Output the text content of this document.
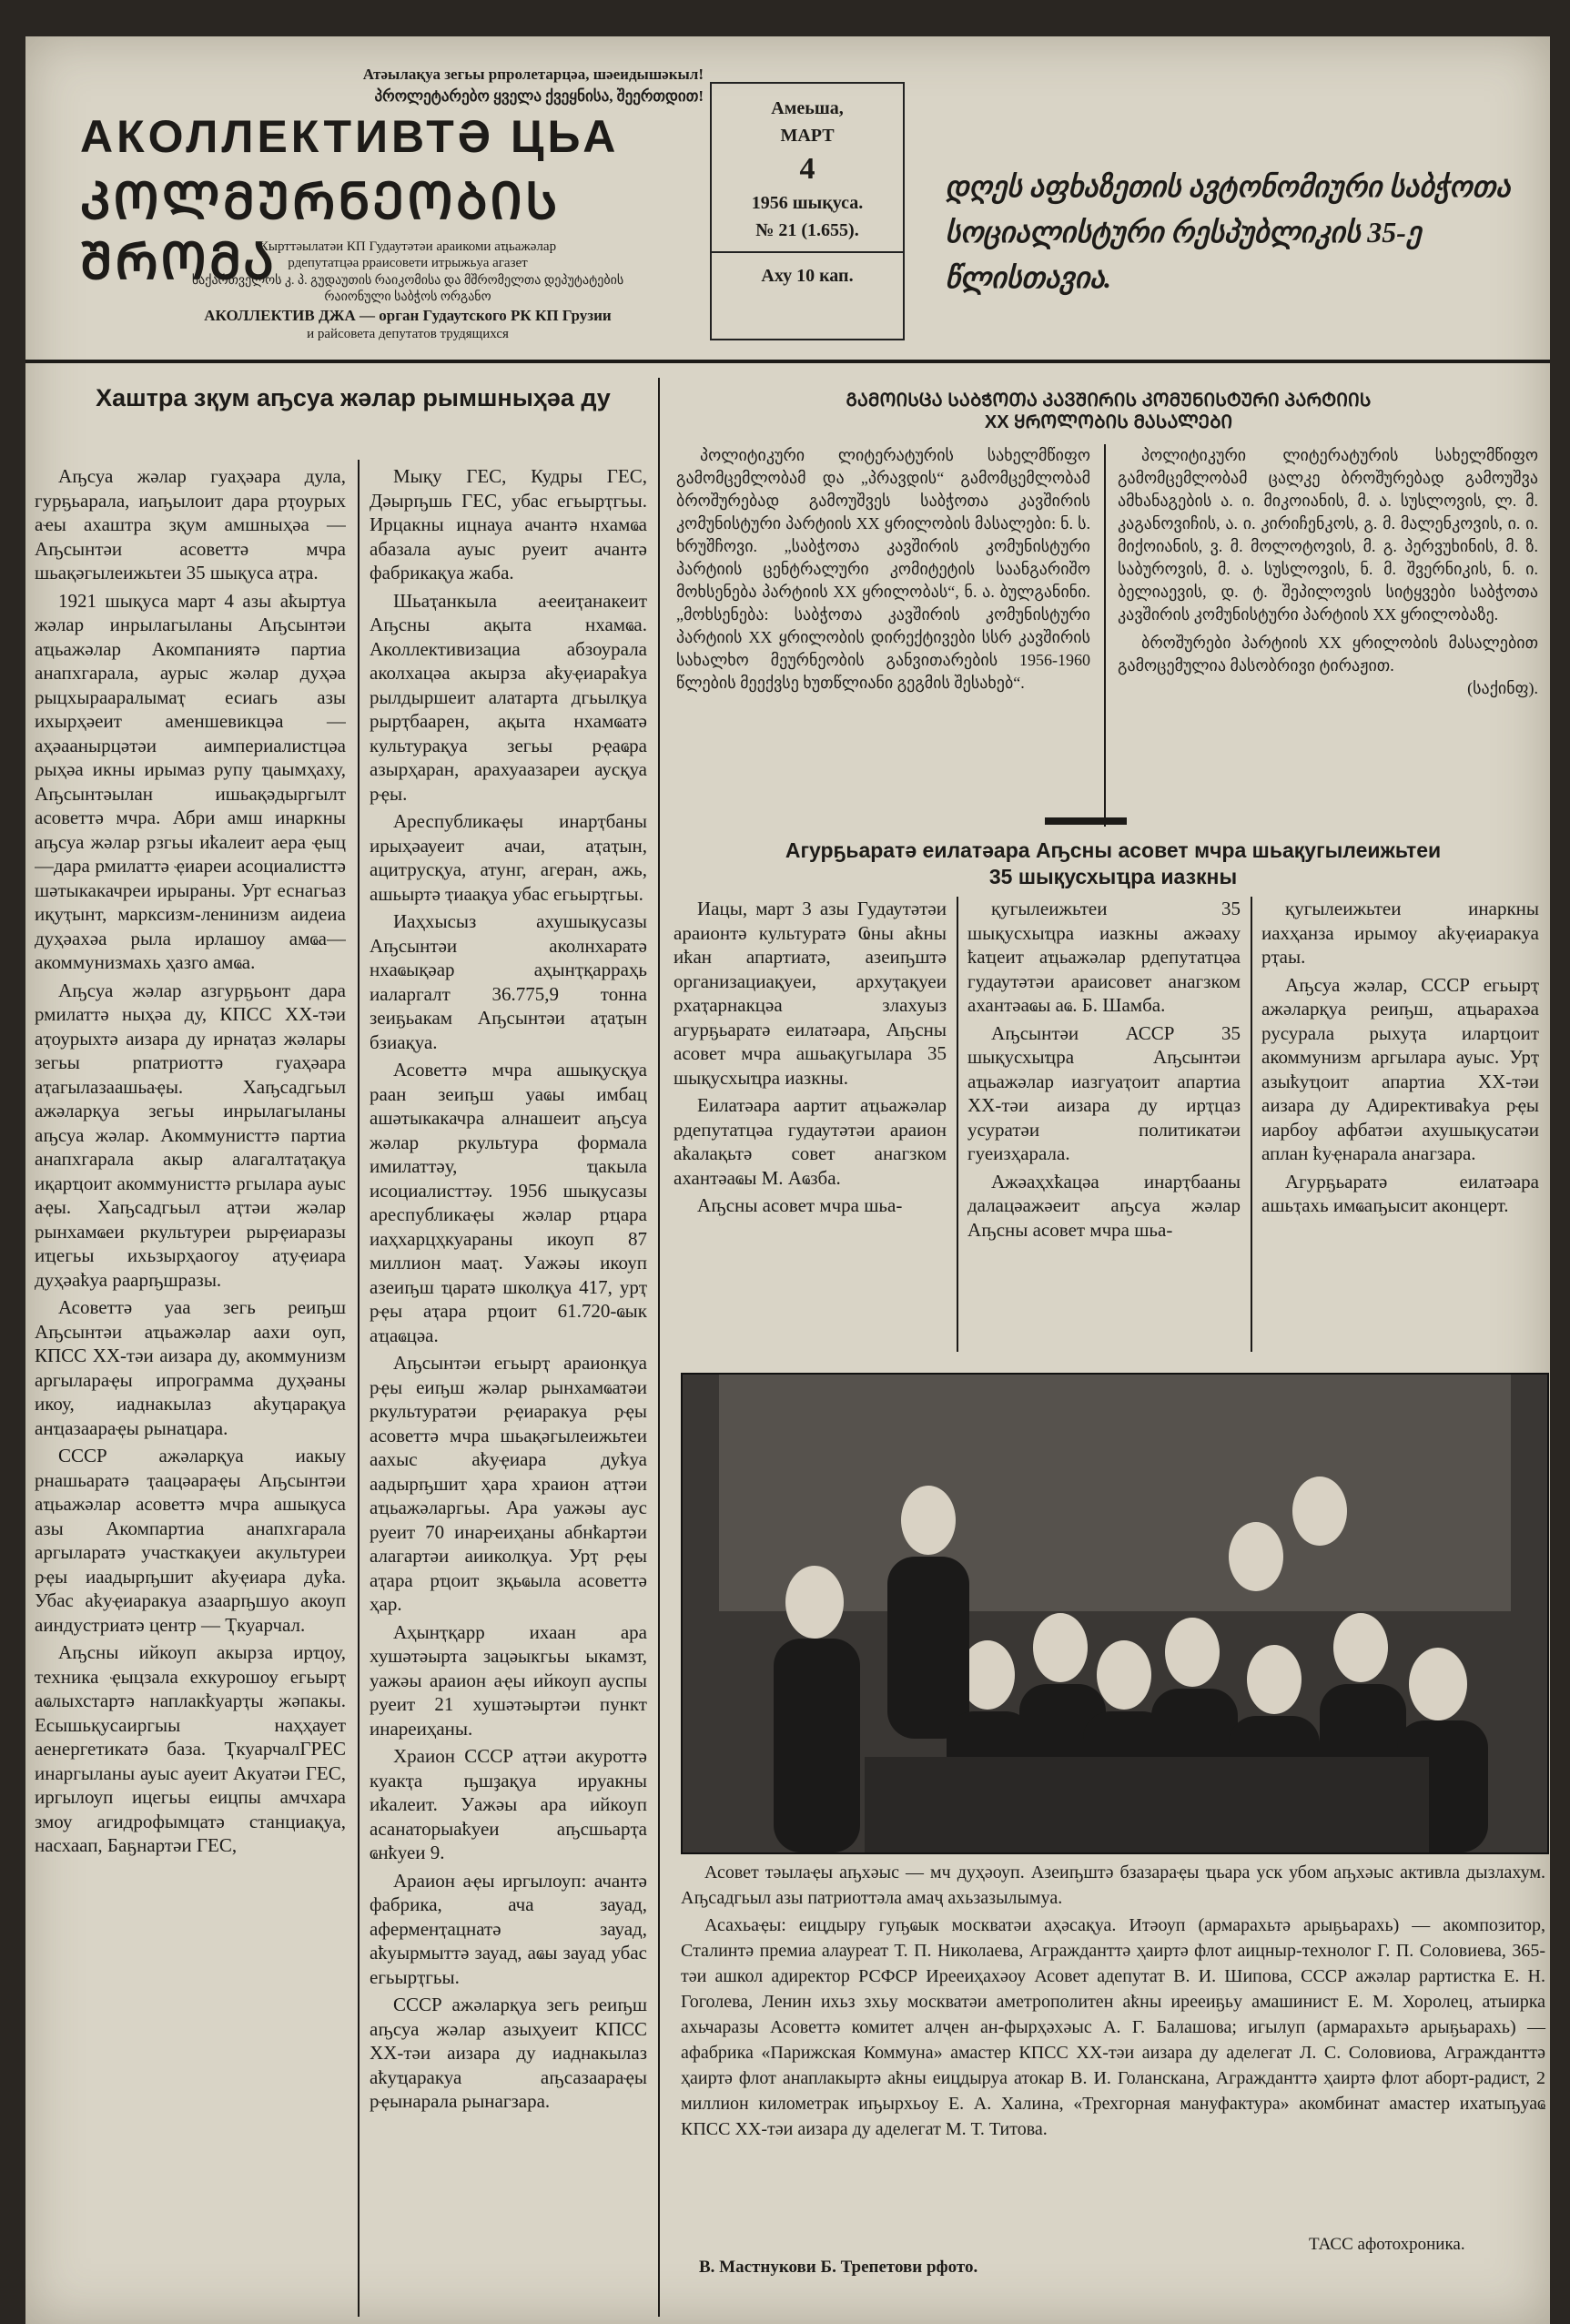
Атәылақуа зегьы рпролетарцәа, шәеидышәкыл!
პროლეტარებო ყველა ქვეყნისა, შეერთდით!
АКОЛЛЕКТИВТӘ ЦЬА
ᲙᲝᲚᲛᲣᲠᲜᲔᲝᲑᲘᲡ ᲨᲠᲝᲛᲐ
Ҟырттәылатәи КП Гудаутәтәи араикоми аҵьажәлар
рдепутатцәа рраисовети итрыжьуа агазет
საქართველოს კ. პ. გუდაუთის რაიკომისა და მშრომელთა დეპუტატების
რაიონული საბჭოს ორგანო
АКОЛЛЕКТИВ ДЖА — орган Гудаутского РК КП Грузии
и райсовета депутатов трудящихся
Амеьша,
МАРТ
4
1956 шықуса.
№ 21 (1.655).
Аху 10 кап.
დღეს აფხაზეთის ავტონომიური საბჭოთა სოციალისტური რესპუბლიკის 35-ე წლისთავია.
Хаштра зқум аҧсуа жәлар рымшныҳәа ду

Аҧсуа жәлар гуаҳәара дула, гурҕьарала, иаҧылоит дара рҭоурых аҽы ахаштра зқум амшныҳәа — Аҧсынтәи асоветтә мчра шьақәгылеижьтеи 35 шықуса аҭра.

1921 шықуса март 4 азы аҟыртуа жәлар инрылагыланы Аҧсынтәи аҵьажәлар Акомпаниятә партиа анапхгарала, аурыс жәлар дуҳәа рыцхырааралымаҭ есиагь азы ихырҳәеит аменшевикцәа — аҳәаанырцәтәи аимпериалистцәа рыҳәа икны ирымаз рупу ҵаымҳаху, Аҧсынтәылан ишьақәдыргылт асоветтә мчра. Абри амш инаркны аҧсуа жәлар рзгьы иҟалеит аера ҿыц—дара рмилаттә ҿиареи асоциалисттә шәтыкакачреи ирыраны. Урт еснагьаз иқуҭынт, марксизм-ленинизм аидеиа дуҳәахәа рыла ирлашоу амҩа—акоммунизмахь ҳазго амҩа.

Аҧсуа жәлар азгурҕьонт дара рмилаттә ныҳәа ду, КПСС ХХ-тәи аҭоурыхтә аизара ду ирнаҭаз жәлары зегьы рпатриоттә гуаҳәара аҭагылазаашьаҿы. Хаҧсадгьыл ажәларқуа зегьы инрылагыланы аҧсуа жәлар. Акоммунисттә партиа анапхгарала акыр алагалтаҭақуа иқарҵоит акоммунисттә ргыларa ауыс аҿы. Хаҧсадгьыл аҭтәи жәлар рынхамҩеи ркультуреи рырҿиаразы иҵегьы ихьзырҳаогоу аҭуҿиара дуҳәаҟуа раарҧшразы.

Асоветтә уаа зегь реиҧш Аҧсынтәи аҵьажәлар аахи оуп, КПСС ХХ-тәи аизара ду, акоммунизм аргылараҿы ипрограмма дуҳәаны икоу, иаднакылаз аҟуҵарақуа анҵазаараҿы рынаҵара.

СССР ажәларқуа иакыу рнашьаратә ҭаацәараҿы Аҧсынтәи аҵьажәлар асоветтә мчра ашықуса азы Акомпартиа анапхгарала аргыларатә участкақуеи акультуреи рҿы иаадырҧшит аҟуҿиара дуҟа. Убас аҟуҿиаракуа азаарҧшуо акоуп аиндустриатә центр — Ҭкуарчал.

Аҧсны ийкоуп акырза ирҵоу, техника ҿыцзала ехкурошоу егьырҭ аҩлыхстартә наплакҟуарҭы жәпакы. Есышьқусаиргыы наҳҳаует аенергетикатә база. ҬкуарчалГРЕС инаргыланы ауыс ауеит Акуатәи ГЕС, иргылоуп ицегьы еицпы амчхара змоу агидрофымцатә станциақуа, насхаап, Баҕнартәи ГЕС,

Мықу ГЕС, Кудры ГЕС, Дәырҧшь ГЕС, убас егьырҭгьы. Ирцакны ицнауа ачантә нхамҩа абазала ауыс руеит ачантә фабрикақуа жаба.

Шьаҭанкыла аҽеиҭанакеит Аҧсны ақыта нхамҩа. Аколлективизациа абзоурала аколхацәа акырза аҟуҿиараҟуа рылдыршеит алатарта дгьылқуа рырҭбаарен, ақыта нхамҩатә культурақуа зегьы рҿаҩра азырҳаран, арахуаазареи аусқуа рҿы.

Ареспубликаҿы инарҭбаны ирыҳәауеит ачаи, аҭаҭын, ацитрусқуа, атунг, агеран, ажь, ашьыртә ҭиаақуа убас егьырҭгьы.

Иаҳхысыз ахушықусазы Аҧсынтәи аколнхаратә нхаҩықәар аҳынҭқарраҳь иаларгалт 36.775,9 тонна зеиҕьакам Аҧсынтәи аҭаҭын бзиақуа.

Асоветтә мчра ашықусқуа раан зеиҧш уаҩы имбац ашәтыкакачра алнашеит аҧсуа жәлар ркультура формала имилаттәу, ҵакыла исоциалисттәу. 1956 шықусазы ареспубликаҿы жәлар рҵара иаҳхарцҳкуараны икоуп 87 миллион мааҭ. Уажәы икоуп азеиҧш ҵаратә школқуа 417, урҭ рҿы аҭара рҵоит 61.720-ҩык аҵаҩцәа.

Аҧсынтәи егьырҭ араионқуа рҿы еиҧш жәлар рынхамҩатәи ркультуратәи рҿиаракуа рҿы асоветтә мчра шьақәгылеижьтеи аахыс аҟуҿиара дуҟуа аадырҧшит ҳара храион аҭтәи аҵьажәларгьы. Ара уажәы аус руеит 70 инарҽиҳаны абнҟартәи алагартәи аииколқуа. Урҭ рҿы аҭара рҵоит зқьҩыла асоветтә ҳар.

Аҳынҭқарр ихаан ара хушәтәырта зацәыкгьы ыкамзт, уажәы араион аҿы ийкоуп ауспы руеит 21 хушәтәыртәи пункт инареиҳаны.

Храион СССР аҭтәи акуроттә куакҭа ҧшҙақуа ируакны иҟалеит. Уажәы ара ийкоуп асанаторыаҟуеи аҧсшьарҭа ҩнҟуеи 9.

Араион аҿы иргылоуп: ачантә фабрика, ача зауад, аферменҭацнатә зауад, аҟуырмыттә зауад, аҩы зауад убас егьырҭгьы.

СССР ажәларқуа зегь реиҧш аҧсуа жәлар азыҳуеит КПСС ХХ-тәи аизара ду иаднакылаз аҟуҵаракуа аҧсазаараҿы рҿынарала рынагзара.

ᲒᲐᲛᲝᲘᲡᲪᲐ ᲡᲐᲑᲭᲝᲗᲐ ᲙᲐᲕᲨᲘᲠᲘᲡ ᲙᲝᲛᲣᲜᲘᲡᲢᲣᲠᲘ ᲞᲐᲠᲢᲘᲘᲡ
XX ᲧᲠᲝᲚᲝᲑᲘᲡ ᲛᲐᲡᲐᲚᲔᲑᲘ
პოლიტიკური ლიტერატურის სახელმწიფო გამომცემლობამ და „პრავდის“ გამომცემლობამ ბროშურებად გამოუშვეს საბჭოთა კავშირის კომუნისტური პარტიის XX ყრილობის მასალები: ნ. ს. ხრუშჩოვი. „საბჭოთა კავშირის კომუნისტური პარტიის ცენტრალური კომიტეტის საანგარიშო მოხსენება პარტიის XX ყრილობას“, ნ. ა. ბულგანინი. „მოხსენება: საბჭოთა კავშირის კომუნისტური პარტიის XX ყრილობის დირექტივები სსრ კავშირის სახალხო მეურნეობის განვითარების 1956-1960 წლების მეექვსე ხუთწლიანი გეგმის შესახებ“.
პოლიტიკური ლიტერატურის სახელმწიფო გამომცემლობამ ცალკე ბროშურებად გამოუშვა ამხანაგების ა. ი. მიკოიანის, მ. ა. სუსლოვის, ლ. მ. კაგანოვიჩის, ა. ი. კირიჩენკოს, გ. მ. მალენკოვის, ი. ი. მიქოიანის, ვ. მ. მოლოტოვის, მ. გ. პერვუხინის, მ. ზ. საბუროვის, მ. ა. სუსლოვის, ნ. მ. შვერნიკის, ნ. ი. ბელიაევის, დ. ტ. შეპილოვის სიტყვები საბჭოთა კავშირის კომუნისტური პარტიის XX ყრილობაზე.
ბროშურები პარტიის XX ყრილობის მასალებით გამოცემულია მასობრივი ტირაჟით.
(საქინფ).
Агурҕьаратә еилатәара Аҧсны асовет мчра шьақугылеижьтеи
35 шықусхыҵра иазкны

Иацы, март 3 азы Гудаутәтәи араионтә культуратә Ҩны аҟны иҟан апартиатә, азеиҧштә организациақуеи, архуҭақуеи рхаҭарнакцәа злахуыз агурҕьаратә еилатәара, Аҧсны асовет мчра ашьақугылара 35 шықусхыҵра иазкны.

Еилатәара аартит аҵьажәлар рдепутатцәа гудаутәтәи араион аҟалақьтә совет анагзком ахантәаҩы М. Аҩзба.

Аҧсны асовет мчра шьа-

қугылеижьтеи 35 шықусхыҵра иазкны ажәаху ҟаҵеит аҵьажәлар рдепутатцәа гудаутәтәи араисовет анагзком ахантәаҩы аҩ. Б. Шамба.

Аҧсынтәи АССР 35 шықусхыҵра Аҧсынтәи аҵьажәлар иазгуаҭоит апартиа ХХ-тәи аизара ду ирҭцаз усуратәи политикатәи гуеизҳарала.

Ажәаҳхҟацәа инарҭбааны далацәажәеит аҧсуа жәлар Аҧсны асовет мчра шьа-

қугылеижьтеи инаркны иахҳанза ирымоу аҟуҿиаракуа рҭаы.

Аҧсуа жәлар, СССР егьырҭ ажәларқуа реиҧш, аҵьарахәа русурала рыхуҭа иларҵоит акоммунизм аргылара ауыс. Урҭ азыҟуҵоит апартиа ХХ-тәи аизара ду Адирективаҟуа рҿы иарбоу афбатәи ахушықусатәи аплан ҟуҿнарала анагзара.

Агурҕьаратә еилатәара ашьҭахь имҩаҧысит аконцерт.

Асовет тәылаҿы аҧхәыс — мч дуҳәоуп. Азеиҧштә бзазараҿы ҵьара уск убом аҧхәыс активла дызлахум. Аҧсадгьыл азы патриоттәла амаҷ ахьзазылымуа.

Асахьаҿы: еицдыру гуҧҩык москватәи аҳәсақуа. Итәоуп (армарахьтә арыҕьарахь) — акомпозитор, Сталинтә премиа алауреат Т. П. Николаева, Агражданттә ҳаиртә флот аицныр-технолог Г. П. Соловиева, 365-тәи ашкол адиректор РСФСР Ирееиҳахәоу Асовет адепутат В. И. Шипова, СССР ажәлар рартистка Е. Н. Гоголева, Ленин ихьз зхьу москватәи аметрополитен аҟны ирееиҕьу амашинист Е. М. Хоролец, атыирка ахьчаразы Асоветтә комитет алҷен ан-фырҳәхәыс А. Г. Балашова; игылуп (армарахьтә арыҕьарахь) — афабрика «Парижская Коммуна» амастер КПСС ХХ-тәи аизара ду аделегат Л. С. Соловиова, Агражданттә ҳаиртә флот анаплакыртә аҟны еицдыруа атокар В. И. Голанскана, Агражданттә ҳаиртә флот аборт-радист, 2 миллион километрак иҧырхьоу Е. А. Халина, «Трехгорная мануфактура» акомбинат амастер ихатыҧуаҩ КПСС ХХ-тәи аизара ду аделегат М. Т. Титова.

В. Мастнукови Б. Трепетови рфото.
ТАСС афотохроника.
